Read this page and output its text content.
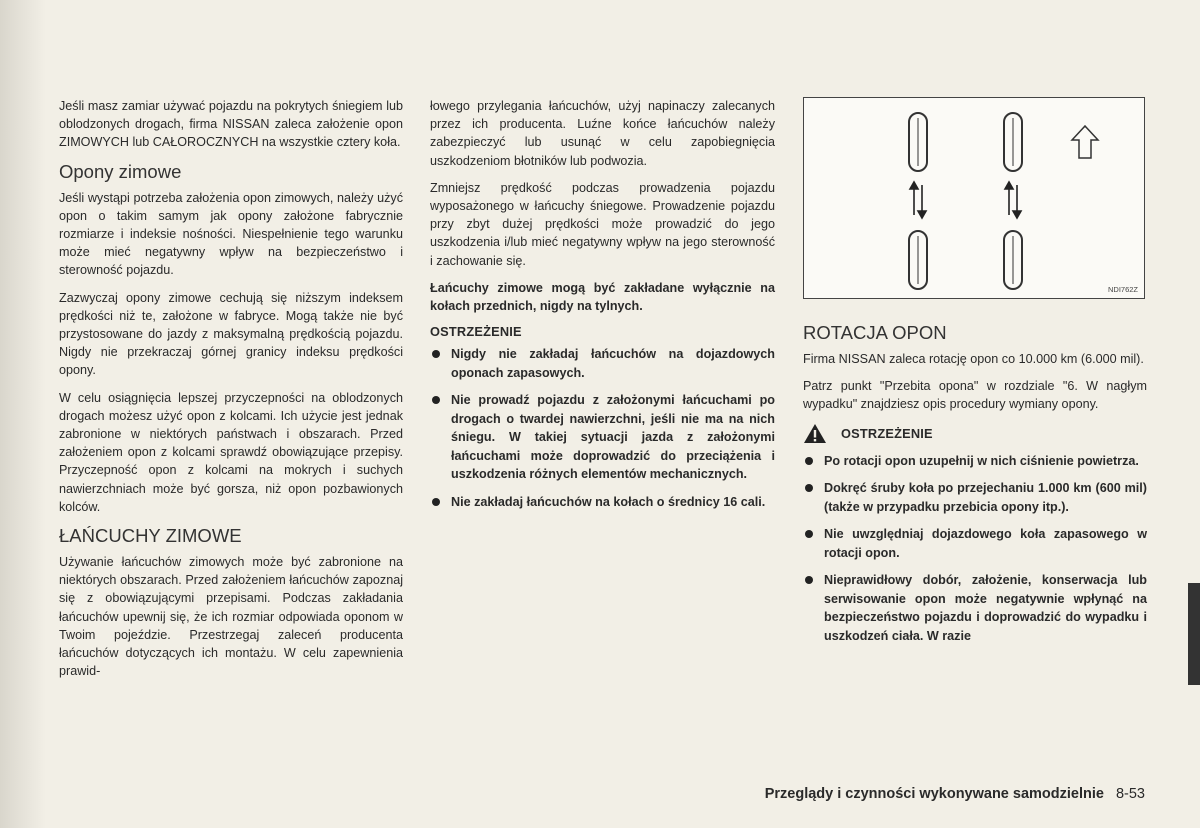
Jeśli masz zamiar używać pojazdu na pokrytych śniegiem lub oblodzonych drogach, firma NISSAN zaleca założenie opon ZIMOWYCH lub CAŁOROCZNYCH na wszystkie cztery koła.

Opony zimowe

Jeśli wystąpi potrzeba założenia opon zimowych, należy użyć opon o takim samym jak opony założone fabrycznie rozmiarze i indeksie nośności. Niespełnienie tego warunku może mieć negatywny wpływ na bezpieczeństwo i sterowność pojazdu.

Zazwyczaj opony zimowe cechują się niższym indeksem prędkości niż te, założone w fabryce. Mogą także nie być przystosowane do jazdy z maksymalną prędkością pojazdu. Nigdy nie przekraczaj górnej granicy indeksu prędkości opony.

W celu osiągnięcia lepszej przyczepności na oblodzonych drogach możesz użyć opon z kolcami. Ich użycie jest jednak zabronione w niektórych państwach i obszarach. Przed założeniem opon z kolcami sprawdź obowiązujące przepisy. Przyczepność opon z kolcami na mokrych i suchych nawierzchniach może być gorsza, niż opon pozbawionych kolców.

ŁAŃCUCHY ZIMOWE

Używanie łańcuchów zimowych może być zabronione na niektórych obszarach. Przed założeniem łańcuchów zapoznaj się z obowiązującymi przepisami. Podczas zakładania łańcuchów upewnij się, że ich rozmiar odpowiada oponom w Twoim pojeździe. Przestrzegaj zaleceń producenta łańcuchów dotyczących ich montażu. W celu zapewnienia prawid-

łowego przylegania łańcuchów, użyj napinaczy zalecanych przez ich producenta. Luźne końce łańcuchów należy zabezpieczyć lub usunąć w celu zapobiegnięcia uszkodzeniom błotników lub podwozia.

Zmniejsz prędkość podczas prowadzenia pojazdu wyposażonego w łańcuchy śniegowe. Prowadzenie pojazdu przy zbyt dużej prędkości może prowadzić do jego uszkodzenia i/lub mieć negatywny wpływ na jego sterowność i zachowanie się.

Łańcuchy zimowe mogą być zakładane wyłącznie na kołach przednich, nigdy na tylnych.

OSTRZEŻENIE
Nigdy nie zakładaj łańcuchów na dojazdowych oponach zapasowych.
Nie prowadź pojazdu z założonymi łańcuchami po drogach o twardej nawierzchni, jeśli nie ma na nich śniegu. W takiej sytuacji jazda z założonymi łańcuchami może doprowadzić do przeciążenia i uszkodzenia różnych elementów mechanicznych.
Nie zakładaj łańcuchów na kołach o średnicy 16 cali.
NDI762Z
ROTACJA OPON

Firma NISSAN zaleca rotację opon co 10.000 km (6.000 mil).

Patrz punkt "Przebita opona" w rozdziale "6. W nagłym wypadku" znajdziesz opis procedury wymiany opony.

OSTRZEŻENIE
Po rotacji opon uzupełnij w nich ciśnienie powietrza.
Dokręć śruby koła po przejechaniu 1.000 km (600 mil) (także w przypadku przebicia opony itp.).
Nie uwzględniaj dojazdowego koła zapasowego w rotacji opon.
Nieprawidłowy dobór, założenie, konserwacja lub serwisowanie opon może negatywnie wpłynąć na bezpieczeństwo pojazdu i doprowadzić do wypadku i uszkodzeń ciała. W razie
Przeglądy i czynności wykonywane samodzielnie 8-53
